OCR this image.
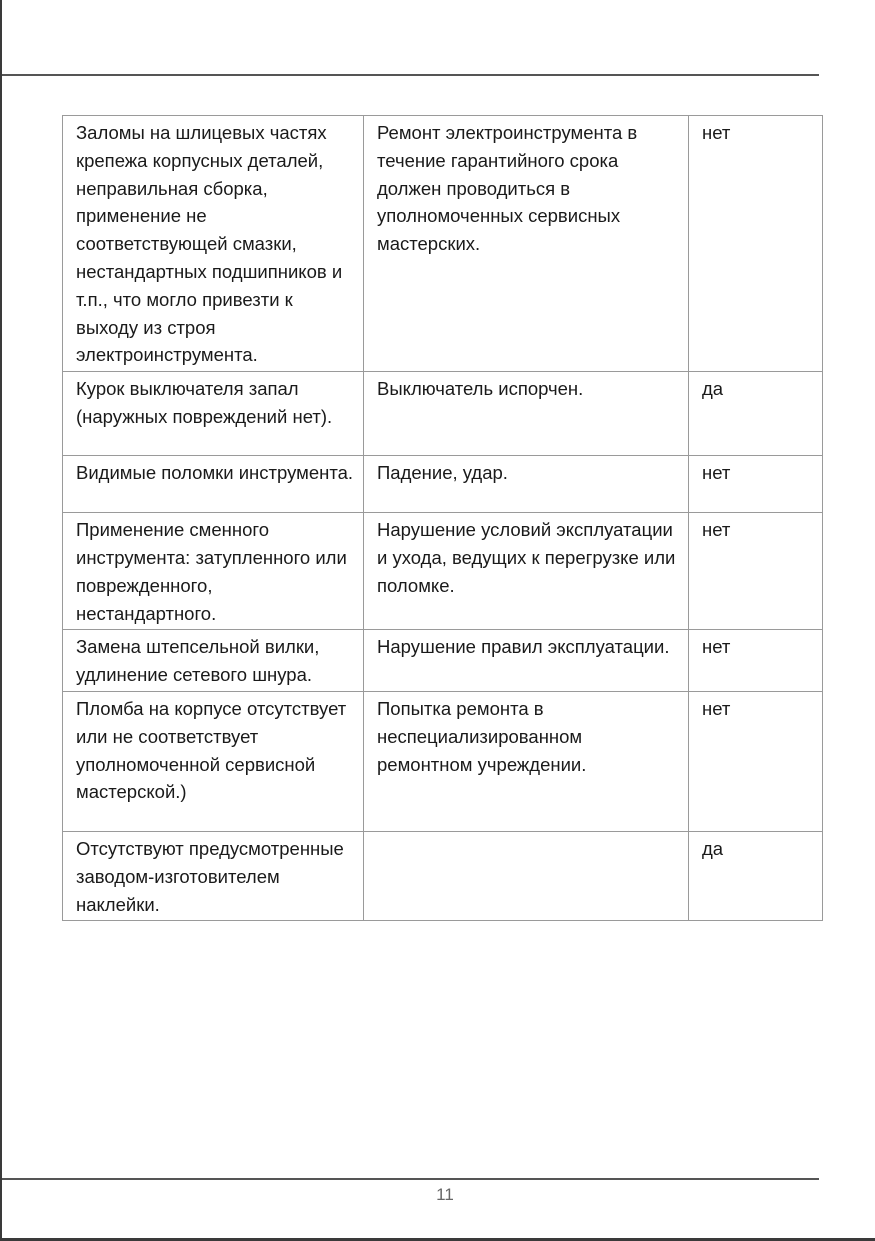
Заломы на шлицевых частях крепежа корпусных деталей, неправильная сборка, применение не соответствующей смазки, нестандартных подшипников и т.п., что могло привезти к выходу из строя электроинструмента.	Ремонт электроинструмента в течение гарантийного срока должен проводиться в уполномоченных сервисных мастерских.	нет
Курок выключателя запал (наружных повреждений нет).	Выключатель испорчен.	да
Видимые поломки инструмента.	Падение, удар.	нет
Применение сменного инструмента: затупленного или поврежденного, нестандартного.	Нарушение условий эксплуатации и ухода, ведущих к перегрузке или поломке.	нет
Замена штепсельной вилки, удлинение сетевого шнура.	Нарушение правил эксплуатации.	нет
Пломба на корпусе отсутствует или не соответствует уполномоченной сервисной мастерской.)	Попытка ремонта в неспециализированном ремонтном учреждении.	нет
Отсутствуют предусмотренные заводом-изготовителем наклейки.		да
11
